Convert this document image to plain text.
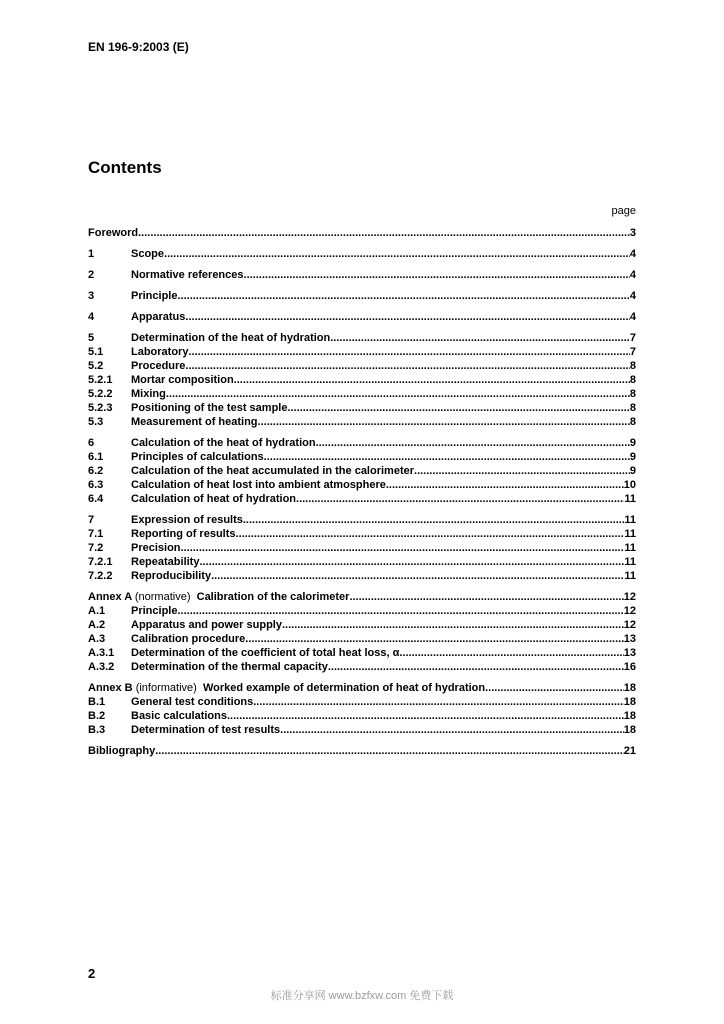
EN 196-9:2003 (E)
Contents
page
Foreword .....	3
1	Scope .....	4
2	Normative references .....	4
3	Principle .....	4
4	Apparatus .....	4
5	Determination of the heat of hydration .....	7
5.1	Laboratory .....	7
5.2	Procedure .....	8
5.2.1	Mortar composition .....	8
5.2.2	Mixing .....	8
5.2.3	Positioning of the test sample .....	8
5.3	Measurement of heating .....	8
6	Calculation of the heat of hydration .....	9
6.1	Principles of calculations .....	9
6.2	Calculation of the heat accumulated in the calorimeter .....	9
6.3	Calculation of heat lost into ambient atmosphere .....	10
6.4	Calculation of heat of hydration .....	11
7	Expression of results .....	11
7.1	Reporting of results .....	11
7.2	Precision .....	11
7.2.1	Repeatability .....	11
7.2.2	Reproducibility .....	11
Annex A (normative) Calibration of the calorimeter .....	12
A.1	Principle .....	12
A.2	Apparatus and power supply .....	12
A.3	Calibration procedure .....	13
A.3.1	Determination of the coefficient of total heat loss, α .....	13
A.3.2	Determination of the thermal capacity .....	16
Annex B (informative) Worked example of determination of heat of hydration .....	18
B.1	General test conditions .....	18
B.2	Basic calculations .....	18
B.3	Determination of test results .....	18
Bibliography .....	21
2
标准分享网 www.bzfxw.com 免费下载
